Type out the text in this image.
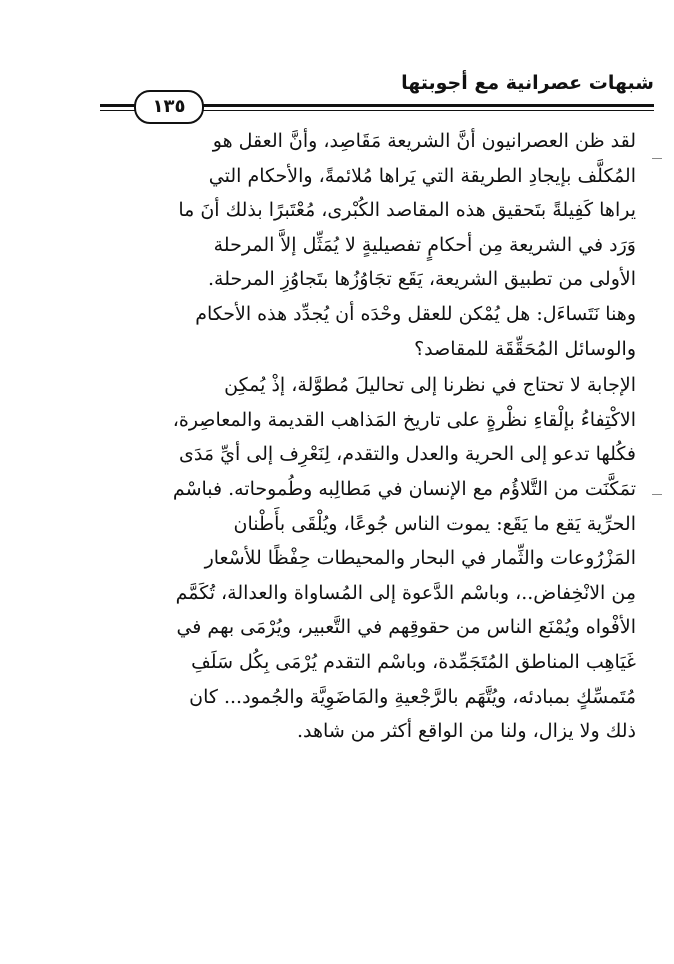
شبهات عصرانية مع أجوبتها
١٣٥

لقد ظن العصرانيون أنَّ الشريعة مَقَاصِد، وأنَّ العقل هو
المُكلَّف بإيجادِ الطريقة التي يَراها مُلائمةً، والأحكام التي
يراها كَفِيلةً بتَحقيق هذه المقاصد الكُبْرى، مُعْتَبرًا بذلك أنَ ما
وَرَد في الشريعة مِن أحكامٍ تفصيليةٍ لا يُمَثِّل إلاَّ المرحلة
الأولى من تطبيق الشريعة، يَقَع تجَاوُزُها بتَجاوُزِ المرحلة.
وهنا نَتَساءَل: هل يُمْكن للعقل وحْدَه أن يُجدِّد هذه الأحكام
والوسائل المُحَقِّقَة للمقاصد؟

الإجابة لا تحتاج في نظرنا إلى تحاليلَ مُطوَّلة، إذْ يُمكِن
الاكْتِفاءُ بإلْقاءِ نظْرةٍ على تاريخ المَذاهب القديمة والمعاصِرة،
فكُلها تدعو إلى الحرية والعدل والتقدم، لِنَعْرِف إلى أيِّ مَدَى
تمَكَّنَت من التَّلاؤُم مع الإنسان في مَطالِبه وطُموحاته. فباسْم
الحرِّية يَقع ما يَقَع: يموت الناس جُوعًا، ويُلْقَى بأَطْنان
المَزْرُوعات والثِّمار في البحار والمحيطات حِفْظًا للأسْعار
مِن الانْخِفاض..، وباسْم الدَّعوة إلى المُساواة والعدالة، تُكَمَّم
الأفْواه ويُمْنَع الناس من حقوقِهم في التَّعبير، ويُرْمَى بهم في
غَيَاهِب المناطق المُتَجَمِّدة، وباسْم التقدم يُرْمَى بِكُل سَلَفِ
مُتَمسِّكٍ بمبادئه، ويُتَّهَم بالرَّجْعيةِ والمَاضَوِيَّة والجُمود... كان
ذلك ولا يزال، ولنا من الواقع أكثر من شاهد.
